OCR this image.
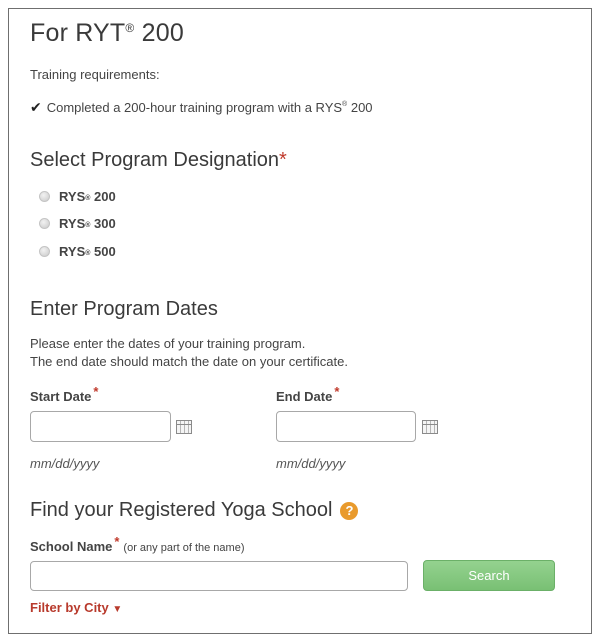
For RYT® 200
Training requirements:
✔ Completed a 200-hour training program with a RYS® 200
Select Program Designation*
RYS ®
200
RYS ®
300
RYS ®
500
Enter Program Dates
Please enter the dates of your training program.
The end date should match the date on your certificate.
Start Date *	End Date *
mm/dd/yyyy	mm/dd/yyyy
Find your Registered Yoga School	?
School Name * (or any part of the name)
Search
Filter by City ▼
